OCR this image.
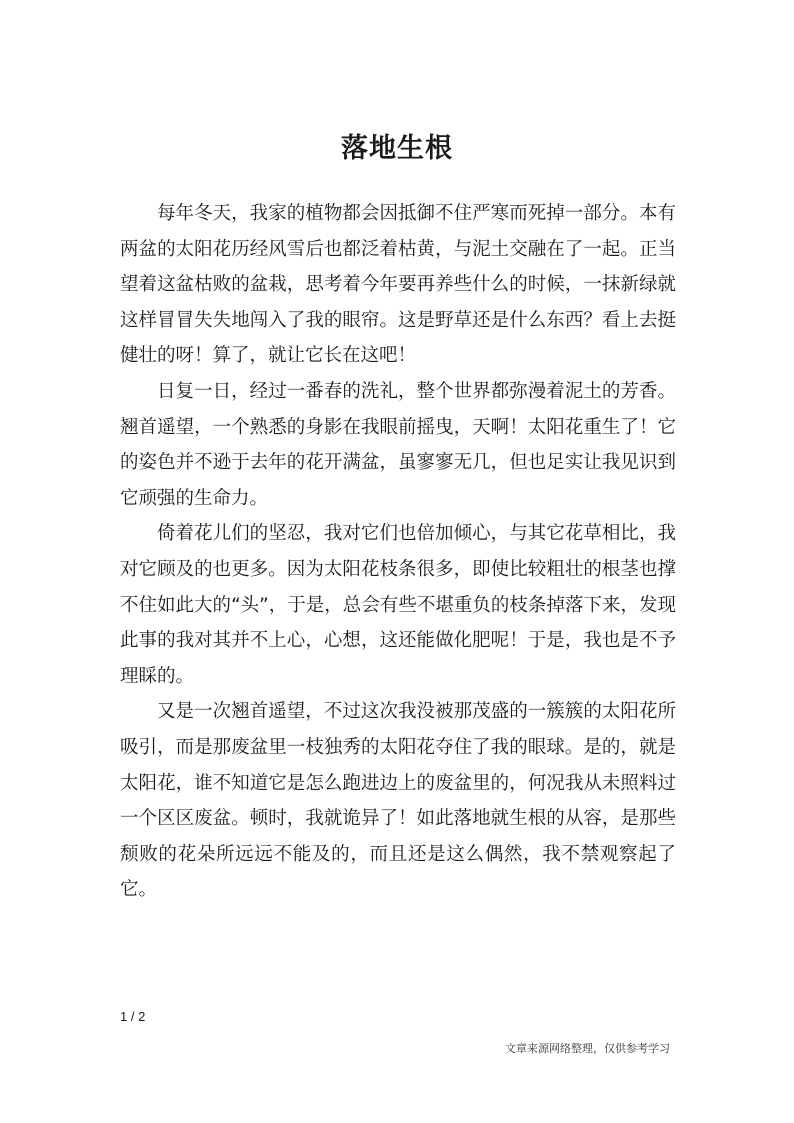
落地生根

每年冬天，我家的植物都会因抵御不住严寒而死掉一部分。本有两盆的太阳花历经风雪后也都泛着枯黄，与泥土交融在了一起。正当望着这盆枯败的盆栽，思考着今年要再养些什么的时候，一抹新绿就这样冒冒失失地闯入了我的眼帘。这是野草还是什么东西？看上去挺健壮的呀！算了，就让它长在这吧！

日复一日，经过一番春的洗礼，整个世界都弥漫着泥土的芳香。翘首遥望，一个熟悉的身影在我眼前摇曳，天啊！太阳花重生了！它的姿色并不逊于去年的花开满盆，虽寥寥无几，但也足实让我见识到它顽强的生命力。

倚着花儿们的坚忍，我对它们也倍加倾心，与其它花草相比，我对它顾及的也更多。因为太阳花枝条很多，即使比较粗壮的根茎也撑不住如此大的“头”，于是，总会有些不堪重负的枝条掉落下来，发现此事的我对其并不上心，心想，这还能做化肥呢！于是，我也是不予理睬的。

又是一次翘首遥望，不过这次我没被那茂盛的一簇簇的太阳花所吸引，而是那废盆里一枝独秀的太阳花夺住了我的眼球。是的，就是太阳花，谁不知道它是怎么跑进边上的废盆里的，何况我从未照料过一个区区废盆。顿时，我就诡异了！如此落地就生根的从容，是那些颓败的花朵所远远不能及的，而且还是这么偶然，我不禁观察起了它。

1 / 2
文章来源网络整理，仅供参考学习
